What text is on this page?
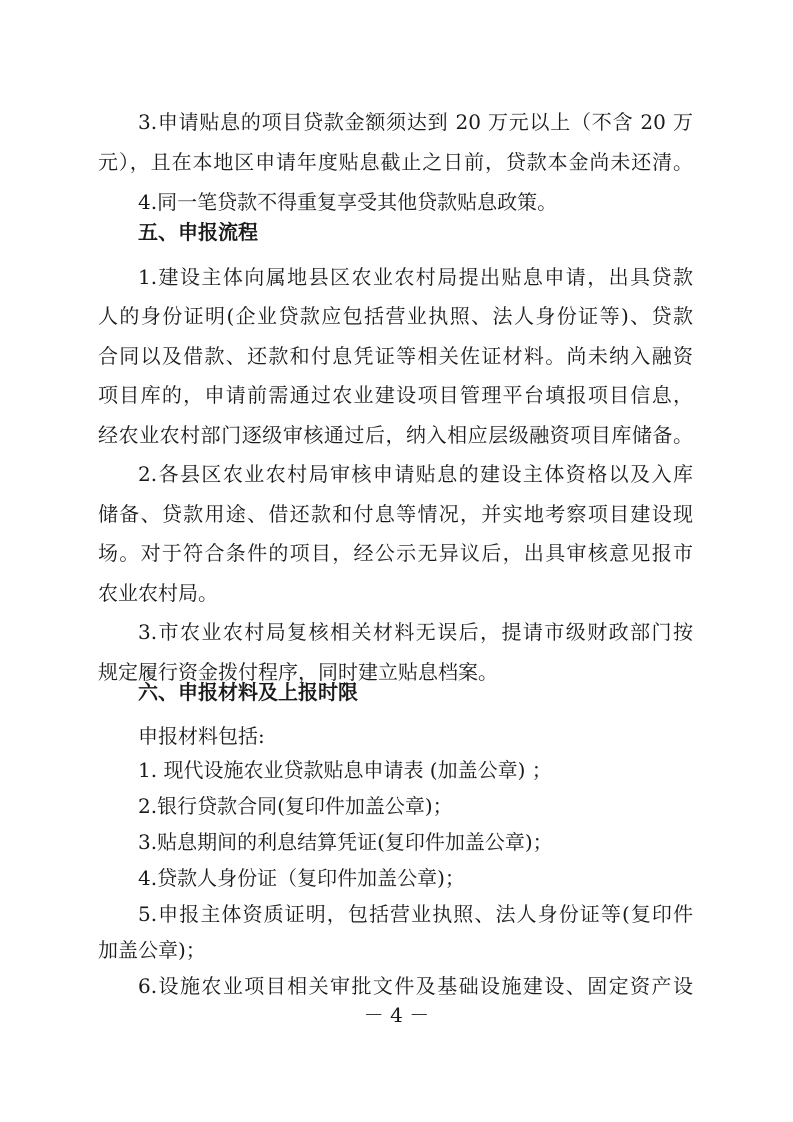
3.申请贴息的项目贷款金额须达到 20 万元以上（不含 20 万
元），且在本地区申请年度贴息截止之日前，贷款本金尚未还清。
4.同一笔贷款不得重复享受其他贷款贴息政策。
五、申报流程
1.建设主体向属地县区农业农村局提出贴息申请，出具贷款
人的身份证明(企业贷款应包括营业执照、法人身份证等)、贷款
合同以及借款、还款和付息凭证等相关佐证材料。尚未纳入融资
项目库的，申请前需通过农业建设项目管理平台填报项目信息，
经农业农村部门逐级审核通过后，纳入相应层级融资项目库储备。
2.各县区农业农村局审核申请贴息的建设主体资格以及入库
储备、贷款用途、借还款和付息等情况，并实地考察项目建设现
场。对于符合条件的项目，经公示无异议后，出具审核意见报市
农业农村局。
3.市农业农村局复核相关材料无误后，提请市级财政部门按
规定履行资金拨付程序，同时建立贴息档案。
六、申报材料及上报时限
申报材料包括:
1. 现代设施农业贷款贴息申请表 (加盖公章) ；
2.银行贷款合同(复印件加盖公章)；
3.贴息期间的利息结算凭证(复印件加盖公章)；
4.贷款人身份证（复印件加盖公章)；
5.申报主体资质证明，包括营业执照、法人身份证等(复印件
加盖公章)；
6.设施农业项目相关审批文件及基础设施建设、固定资产设
－ 4 －
